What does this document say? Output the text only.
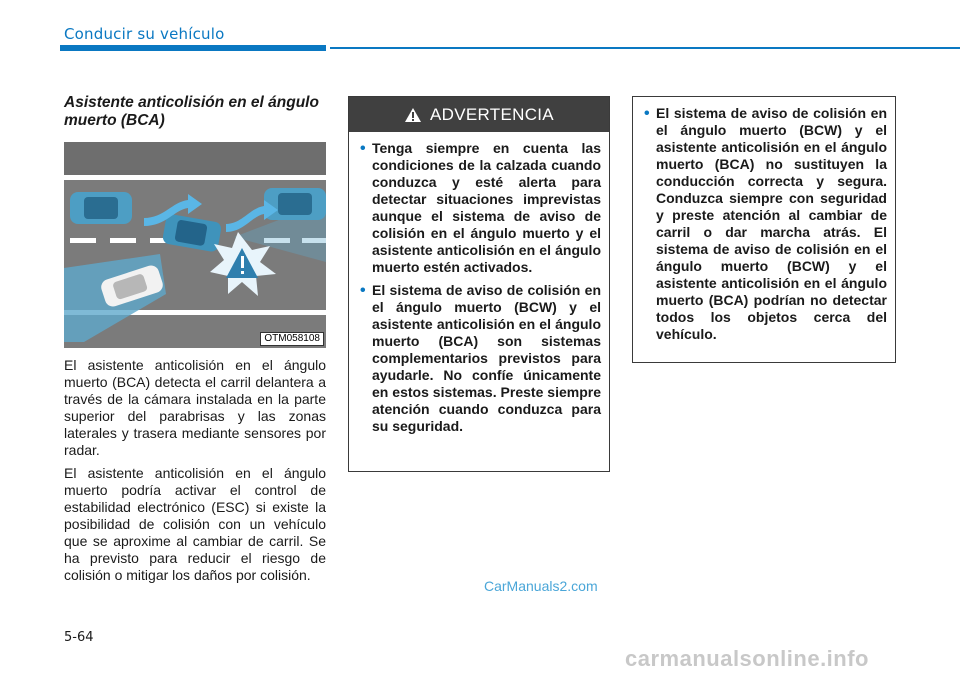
Conducir su vehículo
Asistente anticolisión en el ángulo muerto (BCA)
OTM058108

El asistente anticolisión en el ángulo muerto (BCA) detecta el carril delantera a través de la cámara instalada en la parte superior del parabrisas y las zonas laterales y trasera mediante sensores por radar.

El asistente anticolisión en el ángulo muerto podría activar el control de estabilidad electrónico (ESC) si existe la posibilidad de colisión con un vehículo que se aproxime al cambiar de carril. Se ha previsto para reducir el riesgo de colisión o mitigar los daños por colisión.

ADVERTENCIA
• Tenga siempre en cuenta las condiciones de la calzada cuando conduzca y esté alerta para detectar situaciones imprevistas aunque el sistema de aviso de colisión en el ángulo muerto y el asistente anticolisión en el ángulo muerto estén activados.
• El sistema de aviso de colisión en el ángulo muerto (BCW) y el asistente anticolisión en el ángulo muerto (BCA) son sistemas complementarios previstos para ayudarle. No confíe únicamente en estos sistemas. Preste siempre atención cuando conduzca para su seguridad.
• El sistema de aviso de colisión en el ángulo muerto (BCW) y el asistente anticolisión en el ángulo muerto (BCA) no sustituyen la conducción correcta y segura. Conduzca siempre con seguridad y preste atención al cambiar de carril o dar marcha atrás. El sistema de aviso de colisión en el ángulo muerto (BCW) y el asistente anticolisión en el ángulo muerto (BCA) podrían no detectar todos los objetos cerca del vehículo.
CarManuals2.com
5-64
carmanualsonline.info
